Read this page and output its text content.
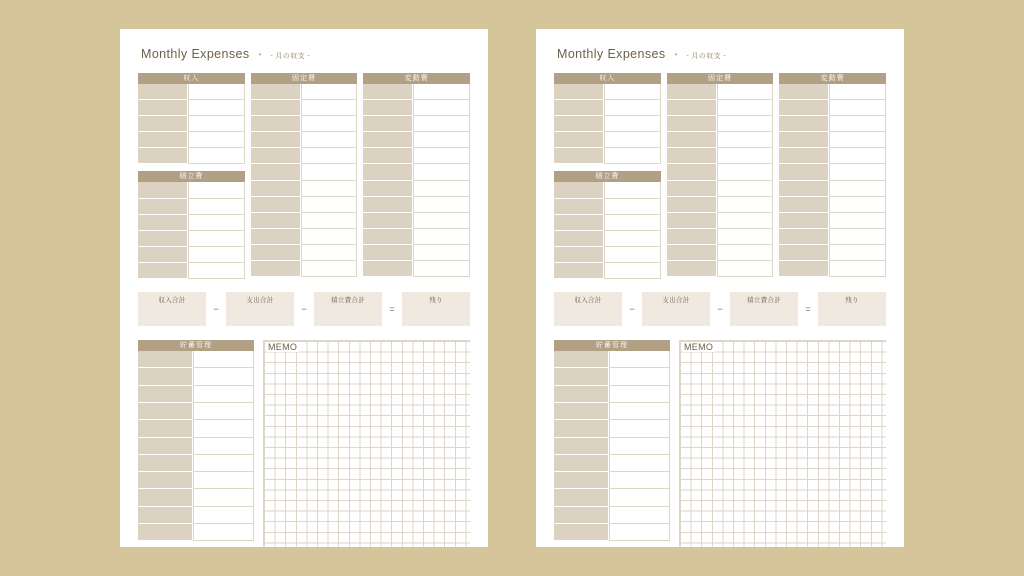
Monthly Expenses • - 月の収支 -
収入
積立費
固定費	変動費
収入合計
−
支出合計
−
積立費合計
=
残り
貯蓄管理	MEMO
Monthly Expenses • - 月の収支 -
収入
積立費
固定費	変動費
収入合計
−
支出合計
−
積立費合計
=
残り
貯蓄管理	MEMO
